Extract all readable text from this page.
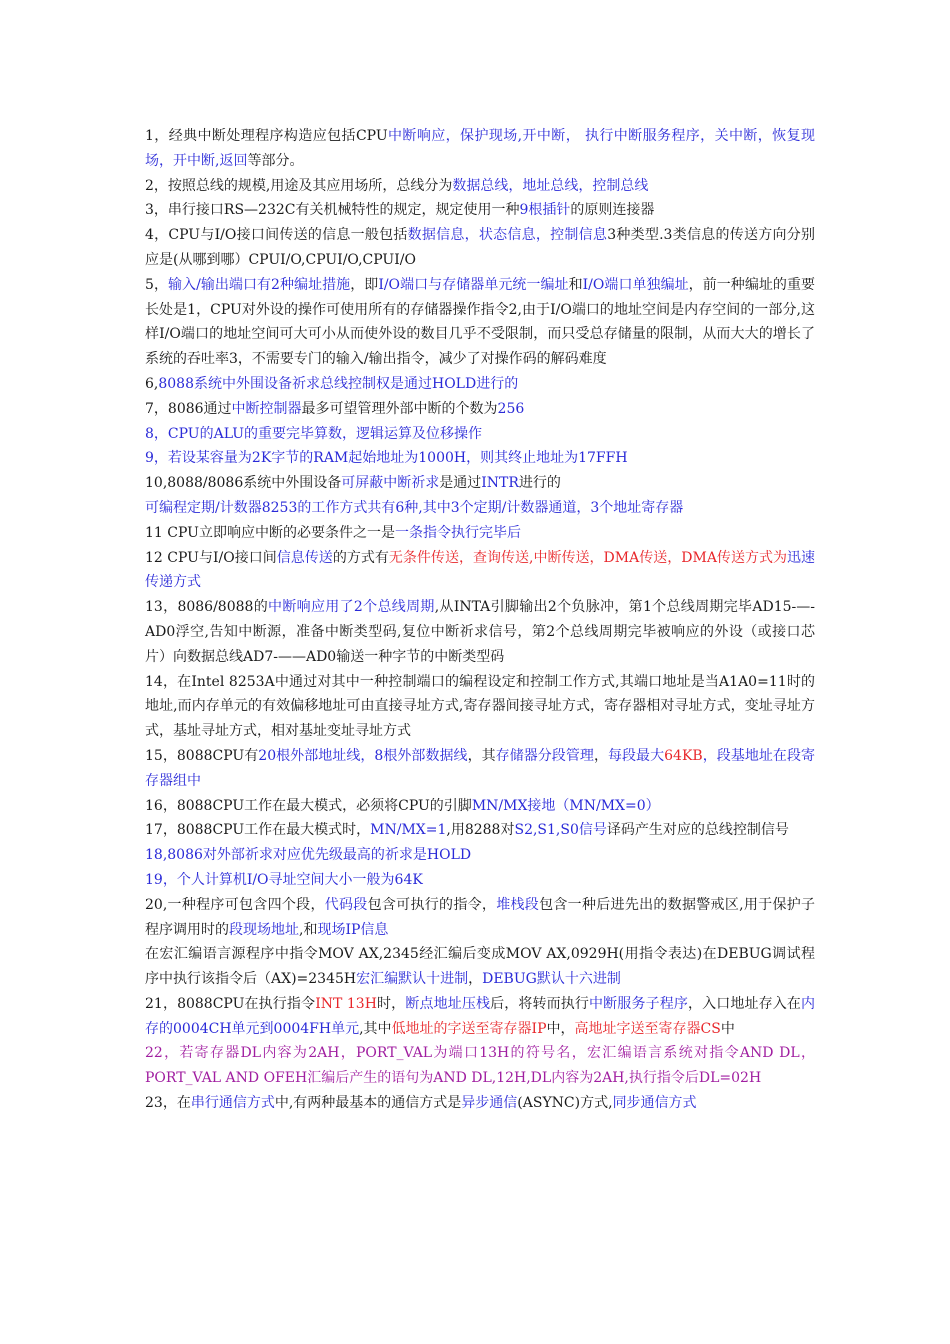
1，经典中断处理程序构造应包括CPU中断响应，保护现场,开中断， 执行中断服务程序，关中断，恢复现场，开中断,返回等部分。

2，按照总线的规模,用途及其应用场所，总线分为数据总线，地址总线，控制总线

3，串行接口RS—232C有关机械特性的规定，规定使用一种9根插针的原则连接器

4，CPU与I/O接口间传送的信息一般包括数据信息，状态信息，控制信息3种类型.3类信息的传送方向分别应是(从哪到哪）CPUI/O,CPUI/O,CPUI/O

5，输入/输出端口有2种编址措施，即I/O端口与存储器单元统一编址和I/O端口单独编址，前一种编址的重要长处是1，CPU对外设的操作可使用所有的存储器操作指令2,由于I/O端口的地址空间是内存空间的一部分,这样I/O端口的地址空间可大可小从而使外设的数目几乎不受限制，而只受总存储量的限制，从而大大的增长了系统的吞吐率3，不需要专门的输入/输出指令，减少了对操作码的解码难度

6,8088系统中外围设备祈求总线控制权是通过HOLD进行的

7，8086通过中断控制器最多可望管理外部中断的个数为256

8，CPU的ALU的重要完毕算数，逻辑运算及位移操作

9，若设某容量为2K字节的RAM起始地址为1000H，则其终止地址为17FFH

10,8088/8086系统中外围设备可屏蔽中断祈求是通过INTR进行的

可编程定期/计数器8253的工作方式共有6种,其中3个定期/计数器通道，3个地址寄存器

11 CPU立即响应中断的必要条件之一是一条指令执行完毕后

12 CPU与I/O接口间信息传送的方式有无条件传送，查询传送,中断传送，DMA传送，DMA传送方式为迅速传递方式

13，8086/8088的中断响应用了2个总线周期,从INTA引脚输出2个负脉冲，第1个总线周期完毕AD15-—-AD0浮空,告知中断源，准备中断类型码,复位中断祈求信号，第2个总线周期完毕被响应的外设（或接口芯片）向数据总线AD7-——AD0输送一种字节的中断类型码

14，在Intel 8253A中通过对其中一种控制端口的编程设定和控制工作方式,其端口地址是当A1A0=11时的地址,而内存单元的有效偏移地址可由直接寻址方式,寄存器间接寻址方式，寄存器相对寻址方式，变址寻址方式，基址寻址方式，相对基址变址寻址方式

15，8088CPU有20根外部地址线，8根外部数据线，其存储器分段管理，每段最大64KB，段基地址在段寄存器组中

16，8088CPU工作在最大模式，必须将CPU的引脚MN/MX接地（MN/MX=0）

17，8088CPU工作在最大模式时，MN/MX=1,用8288对S2,S1,S0信号译码产生对应的总线控制信号

18,8086对外部祈求对应优先级最高的祈求是HOLD

19，个人计算机I/O寻址空间大小一般为64K

20,一种程序可包含四个段，代码段包含可执行的指令，堆栈段包含一种后进先出的数据警戒区,用于保护子程序调用时的段现场地址,和现场IP信息

在宏汇编语言源程序中指令MOV AX,2345经汇编后变成MOV AX,0929H(用指令表达)在DEBUG调试程序中执行该指令后（AX)=2345H宏汇编默认十进制，DEBUG默认十六进制

21，8088CPU在执行指令INT 13H时，断点地址压栈后，将转而执行中断服务子程序，入口地址存入在内存的0004CH单元到0004FH单元,其中低地址的字送至寄存器IP中，高地址字送至寄存器CS中

22，若寄存器DL内容为2AH，PORT_VAL为端口13H的符号名，宏汇编语言系统对指令AND DL，PORT_VAL AND OFEH汇编后产生的语句为AND DL,12H,DL内容为2AH,执行指令后DL=02H

23，在串行通信方式中,有两种最基本的通信方式是异步通信(ASYNC)方式,同步通信方式
